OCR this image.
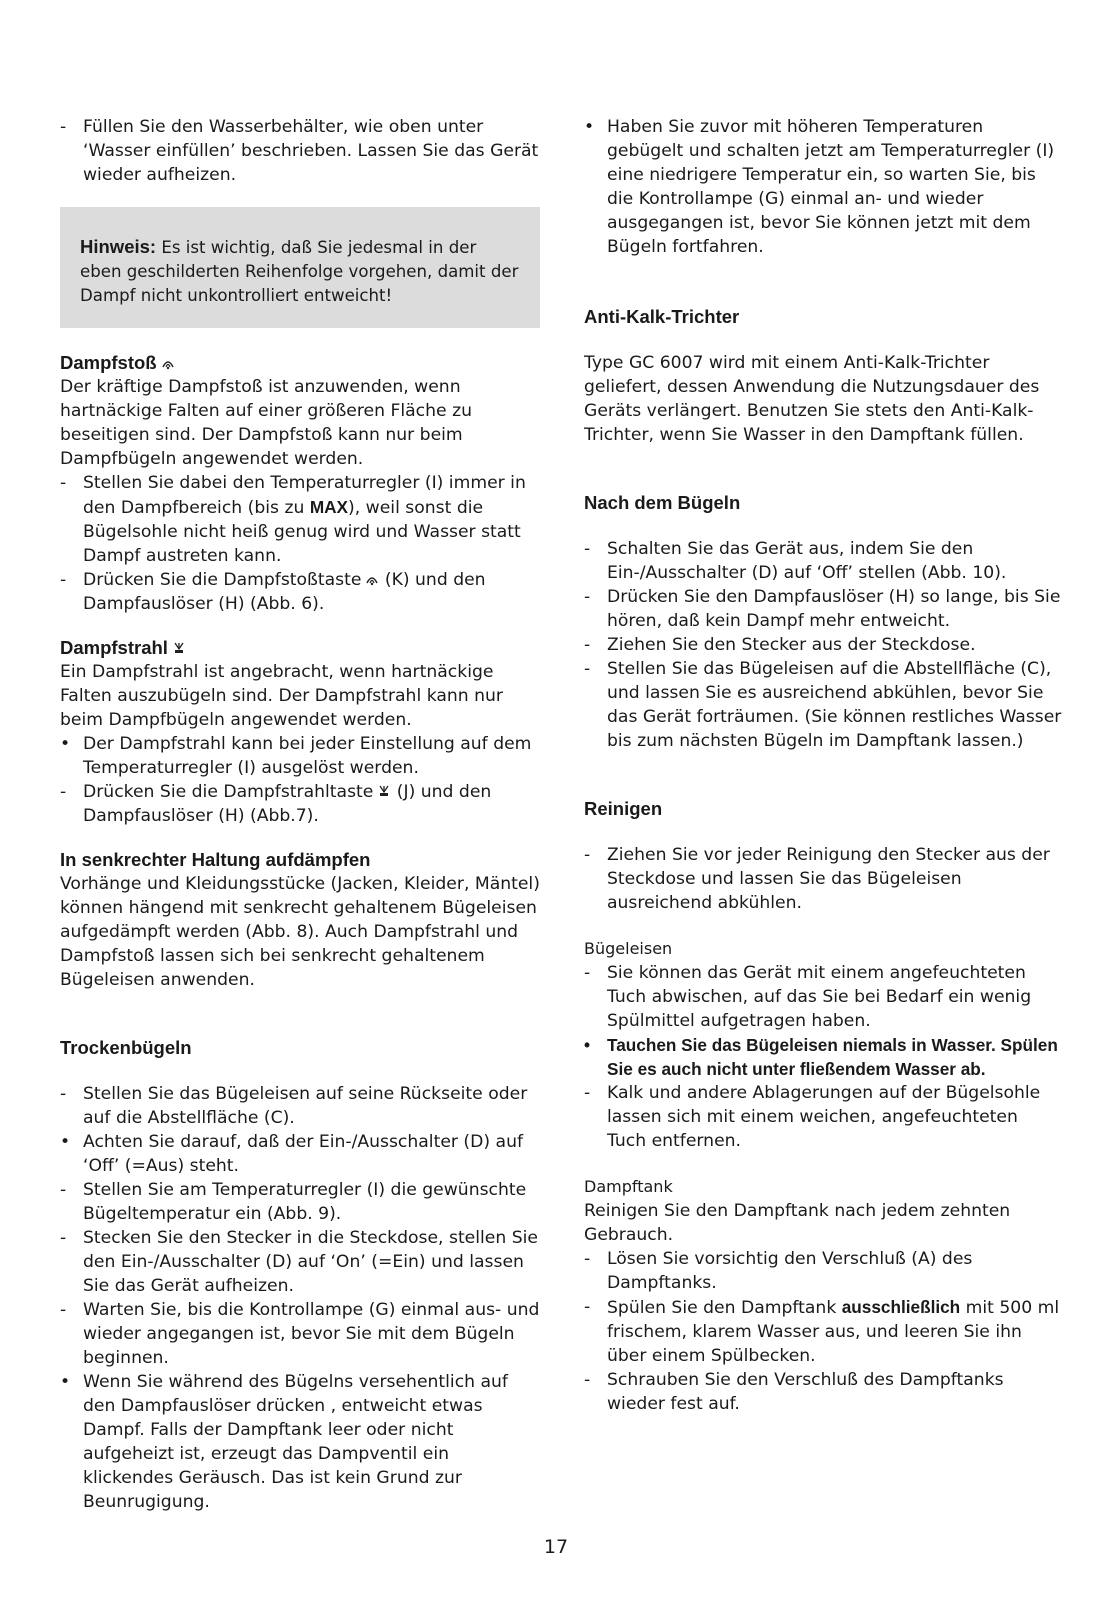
- Füllen Sie den Wasserbehälter, wie oben unter ‘Wasser einfüllen’ beschrieben. Lassen Sie das Gerät wieder aufheizen.

Hinweis: Es ist wichtig, daß Sie jedesmal in der eben geschilderten Reihenfolge vorgehen, damit der Dampf nicht unkontrolliert entweicht!

Dampfstoß

Der kräftige Dampfstoß ist anzuwenden, wenn hartnäckige Falten auf einer größeren Fläche zu beseitigen sind. Der Dampfstoß kann nur beim Dampfbügeln angewendet werden.

- Stellen Sie dabei den Temperaturregler (I) immer in den Dampfbereich (bis zu MAX), weil sonst die Bügelsohle nicht heiß genug wird und Wasser statt Dampf austreten kann.

- Drücken Sie die Dampfstoßtaste (K) und den Dampfauslöser (H) (Abb. 6).

Dampfstrahl

Ein Dampfstrahl ist angebracht, wenn hartnäckige Falten auszubügeln sind. Der Dampfstrahl kann nur beim Dampfbügeln angewendet werden.

• Der Dampfstrahl kann bei jeder Einstellung auf dem Temperaturregler (I) ausgelöst werden.

- Drücken Sie die Dampfstrahltaste (J) und den Dampfauslöser (H) (Abb.7).

In senkrechter Haltung aufdämpfen

Vorhänge und Kleidungsstücke (Jacken, Kleider, Mäntel) können hängend mit senkrecht gehaltenem Bügeleisen aufgedämpft werden (Abb. 8). Auch Dampfstrahl und Dampfstoß lassen sich bei senkrecht gehaltenem Bügeleisen anwenden.

Trockenbügeln

- Stellen Sie das Bügeleisen auf seine Rückseite oder auf die Abstellfläche (C).

• Achten Sie darauf, daß der Ein-/Ausschalter (D) auf ‘Off’ (=Aus) steht.

- Stellen Sie am Temperaturregler (I) die gewünschte Bügeltemperatur ein (Abb. 9).

- Stecken Sie den Stecker in die Steckdose, stellen Sie den Ein-/Ausschalter (D) auf ‘On’ (=Ein) und lassen Sie das Gerät aufheizen.

- Warten Sie, bis die Kontrollampe (G) einmal aus- und wieder angegangen ist, bevor Sie mit dem Bügeln beginnen.

• Wenn Sie während des Bügelns versehentlich auf den Dampfauslöser drücken , entweicht etwas Dampf. Falls der Dampftank leer oder nicht aufgeheizt ist, erzeugt das Dampventil ein klickendes Geräusch. Das ist kein Grund zur Beunrugigung.

• Haben Sie zuvor mit höheren Temperaturen gebügelt und schalten jetzt am Temperaturregler (I) eine niedrigere Temperatur ein, so warten Sie, bis die Kontrollampe (G) einmal an- und wieder ausgegangen ist, bevor Sie können jetzt mit dem Bügeln fortfahren.

Anti-Kalk-Trichter

Type GC 6007 wird mit einem Anti-Kalk-Trichter geliefert, dessen Anwendung die Nutzungsdauer des Geräts verlängert. Benutzen Sie stets den Anti-Kalk-Trichter, wenn Sie Wasser in den Dampftank füllen.

Nach dem Bügeln

- Schalten Sie das Gerät aus, indem Sie den Ein-/Ausschalter (D) auf ‘Off’ stellen (Abb. 10).

- Drücken Sie den Dampfauslöser (H) so lange, bis Sie hören, daß kein Dampf mehr entweicht.

- Ziehen Sie den Stecker aus der Steckdose.

- Stellen Sie das Bügeleisen auf die Abstellfläche (C), und lassen Sie es ausreichend abkühlen, bevor Sie das Gerät forträumen. (Sie können restliches Wasser bis zum nächsten Bügeln im Dampftank lassen.)

Reinigen

- Ziehen Sie vor jeder Reinigung den Stecker aus der Steckdose und lassen Sie das Bügeleisen ausreichend abkühlen.

Bügeleisen

- Sie können das Gerät mit einem angefeuchteten Tuch abwischen, auf das Sie bei Bedarf ein wenig Spülmittel aufgetragen haben.

• Tauchen Sie das Bügeleisen niemals in Wasser. Spülen Sie es auch nicht unter fließendem Wasser ab.

- Kalk und andere Ablagerungen auf der Bügelsohle lassen sich mit einem weichen, angefeuchteten Tuch entfernen.

Dampftank

Reinigen Sie den Dampftank nach jedem zehnten Gebrauch.

- Lösen Sie vorsichtig den Verschluß (A) des Dampftanks.

- Spülen Sie den Dampftank ausschließlich mit 500 ml frischem, klarem Wasser aus, und leeren Sie ihn über einem Spülbecken.

- Schrauben Sie den Verschluß des Dampftanks wieder fest auf.

17
